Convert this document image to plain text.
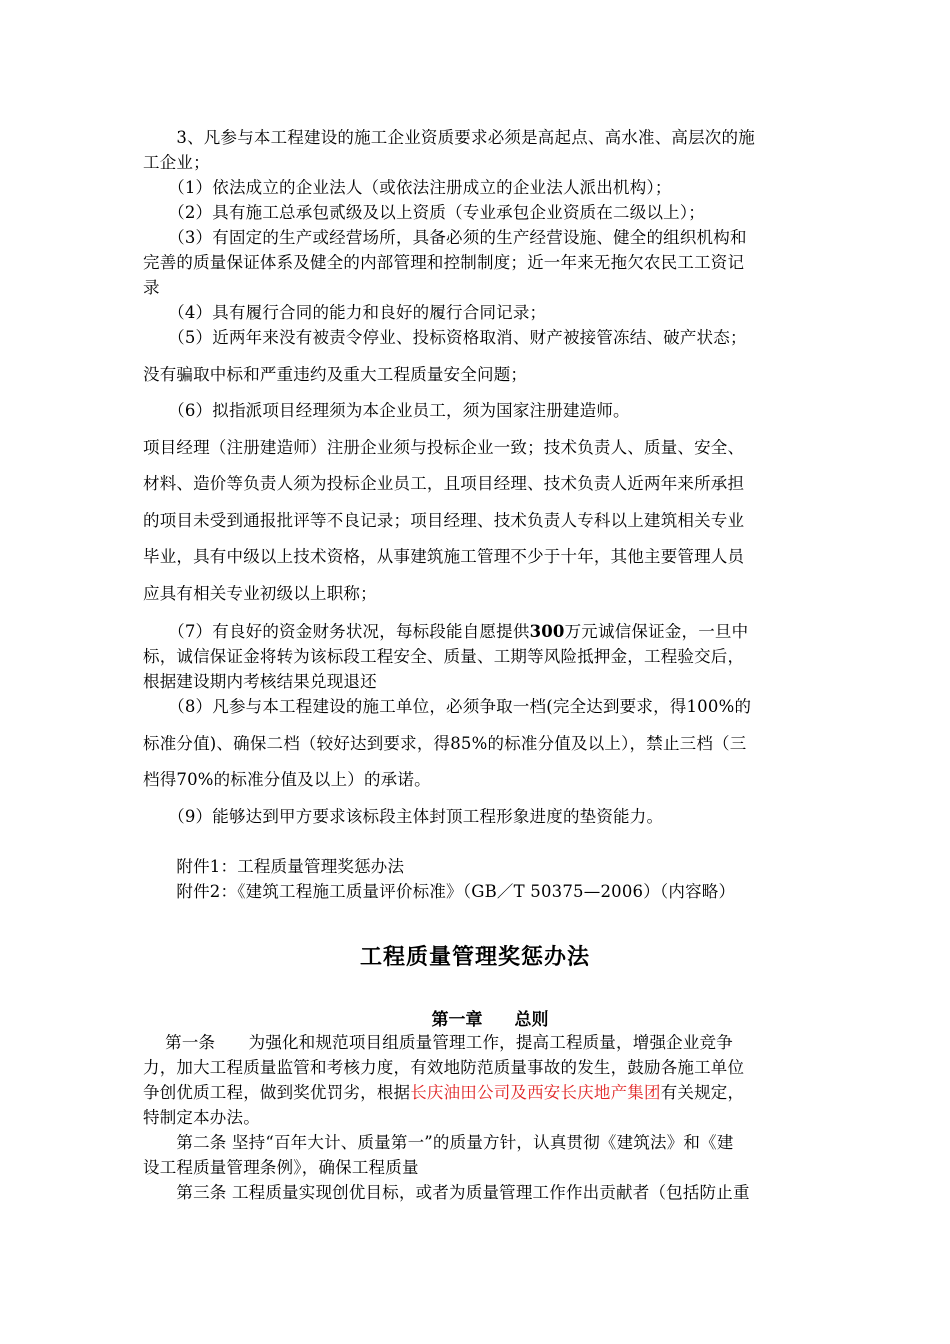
　　3、凡参与本工程建设的施工企业资质要求必须是高起点、高水准、高层次的施
工企业；
　　（1）依法成立的企业法人（或依法注册成立的企业法人派出机构）；
　　（2）具有施工总承包贰级及以上资质（专业承包企业资质在二级以上）；
　　（3）有固定的生产或经营场所，具备必须的生产经营设施、健全的组织机构和
完善的质量保证体系及健全的内部管理和控制制度；近一年来无拖欠农民工工资记
录
　　（4）具有履行合同的能力和良好的履行合同记录；
　　（5）近两年来没有被责令停业、投标资格取消、财产被接管冻结、破产状态；
没有骗取中标和严重违约及重大工程质量安全问题；
　　（6）拟指派项目经理须为本企业员工，须为国家注册建造师。
项目经理（注册建造师）注册企业须与投标企业一致；技术负责人、质量、安全、
材料、造价等负责人须为投标企业员工，且项目经理、技术负责人近两年来所承担
的项目未受到通报批评等不良记录；项目经理、技术负责人专科以上建筑相关专业
毕业，具有中级以上技术资格，从事建筑施工管理不少于十年，其他主要管理人员
应具有相关专业初级以上职称；
　　（7）有良好的资金财务状况，每标段能自愿提供300万元诚信保证金，一旦中
标，诚信保证金将转为该标段工程安全、质量、工期等风险抵押金，工程验交后，
根据建设期内考核结果兑现退还
　　（8）凡参与本工程建设的施工单位，必须争取一档(完全达到要求，得100%的
标准分值)、确保二档（较好达到要求，得85%的标准分值及以上），禁止三档（三
档得70%的标准分值及以上）的承诺。
　　（9）能够达到甲方要求该标段主体封顶工程形象进度的垫资能力。
　　附件1：工程质量管理奖惩办法
　　附件2：《建筑工程施工质量评价标准》（GB／T 50375—2006）（内容略）
工程质量管理奖惩办法
第一章 总则
　 第一条　　为强化和规范项目组质量管理工作，提高工程质量，增强企业竞争
力，加大工程质量监管和考核力度，有效地防范质量事故的发生，鼓励各施工单位
争创优质工程，做到奖优罚劣，根据长庆油田公司及西安长庆地产集团有关规定，
特制定本办法。
　　第二条 坚持“百年大计、质量第一”的质量方针，认真贯彻《建筑法》和《建
设工程质量管理条例》，确保工程质量
　　第三条 工程质量实现创优目标，或者为质量管理工作作出贡献者（包括防止重
